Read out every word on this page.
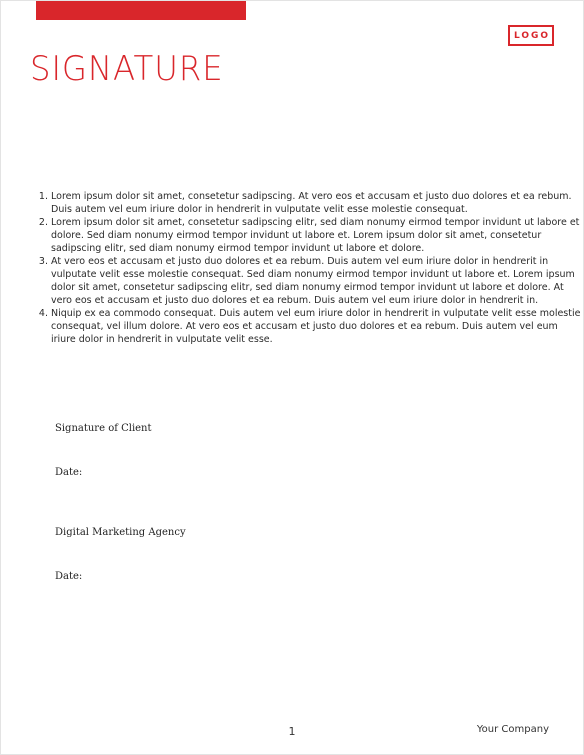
LOGO
SIGNATURE
1. Lorem ipsum dolor sit amet, consetetur sadipscing. At vero eos et accusam et justo duo dolores et ea rebum. Duis autem vel eum iriure dolor in hendrerit in vulputate velit esse molestie consequat.
2. Lorem ipsum dolor sit amet, consetetur sadipscing elitr, sed diam nonumy eirmod tempor invidunt ut labore et dolore. Sed diam nonumy eirmod tempor invidunt ut labore et. Lorem ipsum dolor sit amet, consetetur sadipscing elitr, sed diam nonumy eirmod tempor invidunt ut labore et dolore.
3. At vero eos et accusam et justo duo dolores et ea rebum. Duis autem vel eum iriure dolor in hendrerit in vulputate velit esse molestie consequat. Sed diam nonumy eirmod tempor invidunt ut labore et. Lorem ipsum dolor sit amet, consetetur sadipscing elitr, sed diam nonumy eirmod tempor invidunt ut labore et dolore. At vero eos et accusam et justo duo dolores et ea rebum. Duis autem vel eum iriure dolor in hendrerit in.
4. Niquip ex ea commodo consequat. Duis autem vel eum iriure dolor in hendrerit in vulputate velit esse molestie consequat, vel illum dolore. At vero eos et accusam et justo duo dolores et ea rebum. Duis autem vel eum iriure dolor in hendrerit in vulputate velit esse.

Signature of Client

Date:

Digital Marketing Agency

Date:

1	Your Company
